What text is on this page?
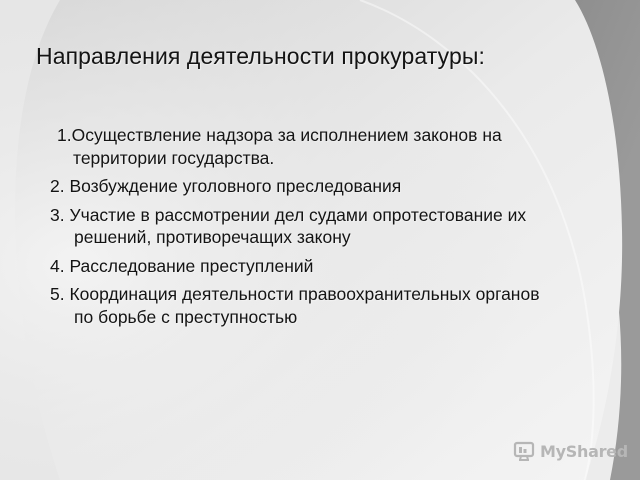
Направления деятельности прокуратуры:
1.Осуществление надзора за исполнением законов на территории государства.
2. Возбуждение уголовного преследования
3. Участие в рассмотрении дел судами опротестование их решений, противоречащих закону
4. Расследование преступлений
5. Координация деятельности правоохранительных органов по борьбе с преступностью
MyShared
